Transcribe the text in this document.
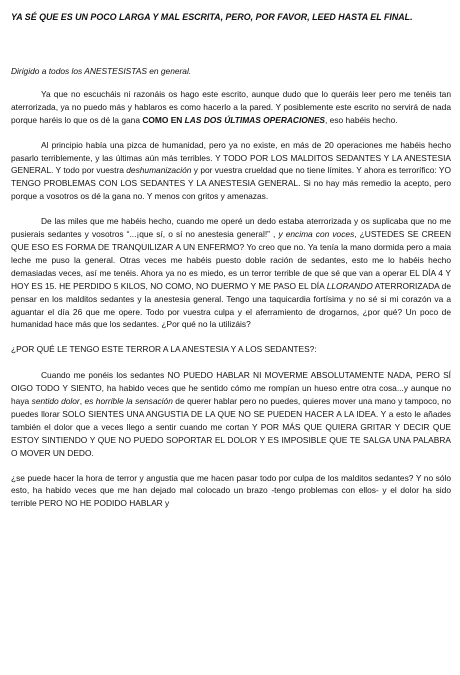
YA SÉ QUE ES UN POCO LARGA Y MAL ESCRITA, PERO, POR FAVOR, LEED HASTA EL FINAL.

Dirigido a todos los ANESTESISTAS en general.

Ya que no escucháis ni razonáis os hago este escrito, aunque dudo que lo queráis leer pero me tenéis tan aterrorizada, ya no puedo más y hablaros es como hacerlo a la pared. Y posiblemente este escrito no servirá de nada porque haréis lo que os dé la gana COMO EN LAS DOS ÚLTIMAS OPERACIONES, eso habéis hecho.

Al principio había una pizca de humanidad, pero ya no existe, en más de 20 operaciones me habéis hecho pasarlo terriblemente, y las últimas aún más terribles. Y TODO POR LOS MALDITOS SEDANTES Y LA ANESTESIA GENERAL. Y todo por vuestra deshumanización y por vuestra crueldad que no tiene límites. Y ahora es terrorífico: YO TENGO PROBLEMAS CON LOS SEDANTES Y LA ANESTESIA GENERAL. Si no hay más remedio la acepto, pero porque a vosotros os dé la gana no. Y menos con gritos y amenazas.

De las miles que me habéis hecho, cuando me operé un dedo estaba aterrorizada y os suplicaba que no me pusierais sedantes y vosotros “...¡que sí, o sí no anestesia general!” , y encima con voces, ¿USTEDES SE CREEN QUE ESO ES FORMA DE TRANQUILIZAR A UN ENFERMO? Yo creo que no. Ya tenía la mano dormida pero a maia leche me puso la general. Otras veces me habéis puesto doble ración de sedantes, esto me lo habéis hecho demasiadas veces, así me tenéis. Ahora ya no es miedo, es un terror terrible de que sé que van a operar EL DÍA 4 Y HOY ES 15. HE PERDIDO 5 KILOS, NO COMO, NO DUERMO Y ME PASO EL DÍA LLORANDO ATERRORIZADA de pensar en los malditos sedantes y la anestesia general. Tengo una taquicardia fortísima y no sé si mi corazón va a aguantar el día 26 que me opere. Todo por vuestra culpa y el aferramiento de drogarnos, ¿por qué? Un poco de humanidad hace más que los sedantes. ¿Por qué no la utilizáis?

¿POR QUÉ LE TENGO ESTE TERROR A LA ANESTESIA Y A LOS SEDANTES?:

Cuando me ponéis los sedantes NO PUEDO HABLAR NI MOVERME ABSOLUTAMENTE NADA, PERO SÍ OIGO TODO Y SIENTO, ha habido veces que he sentido cómo me rompían un hueso entre otra cosa...y aunque no haya sentido dolor, es horrible la sensación de querer hablar pero no puedes, quieres mover una mano y tampoco, no puedes llorar SOLO SIENTES UNA ANGUSTIA DE LA QUE NO SE PUEDEN HACER A LA IDEA. Y a esto le añades también el dolor que a veces llego a sentir cuando me cortan Y POR MÁS QUE QUIERA GRITAR Y DECIR QUE ESTOY SINTIENDO Y QUE NO PUEDO SOPORTAR EL DOLOR Y ES IMPOSIBLE QUE TE SALGA UNA PALABRA O MOVER UN DEDO.

¿se puede hacer la hora de terror y angustia que me hacen pasar todo por culpa de los malditos sedantes? Y no sólo esto, ha habido veces que me han dejado mal colocado un brazo -tengo problemas con ellos- y el dolor ha sido terrible PERO NO HE PODIDO HABLAR y
